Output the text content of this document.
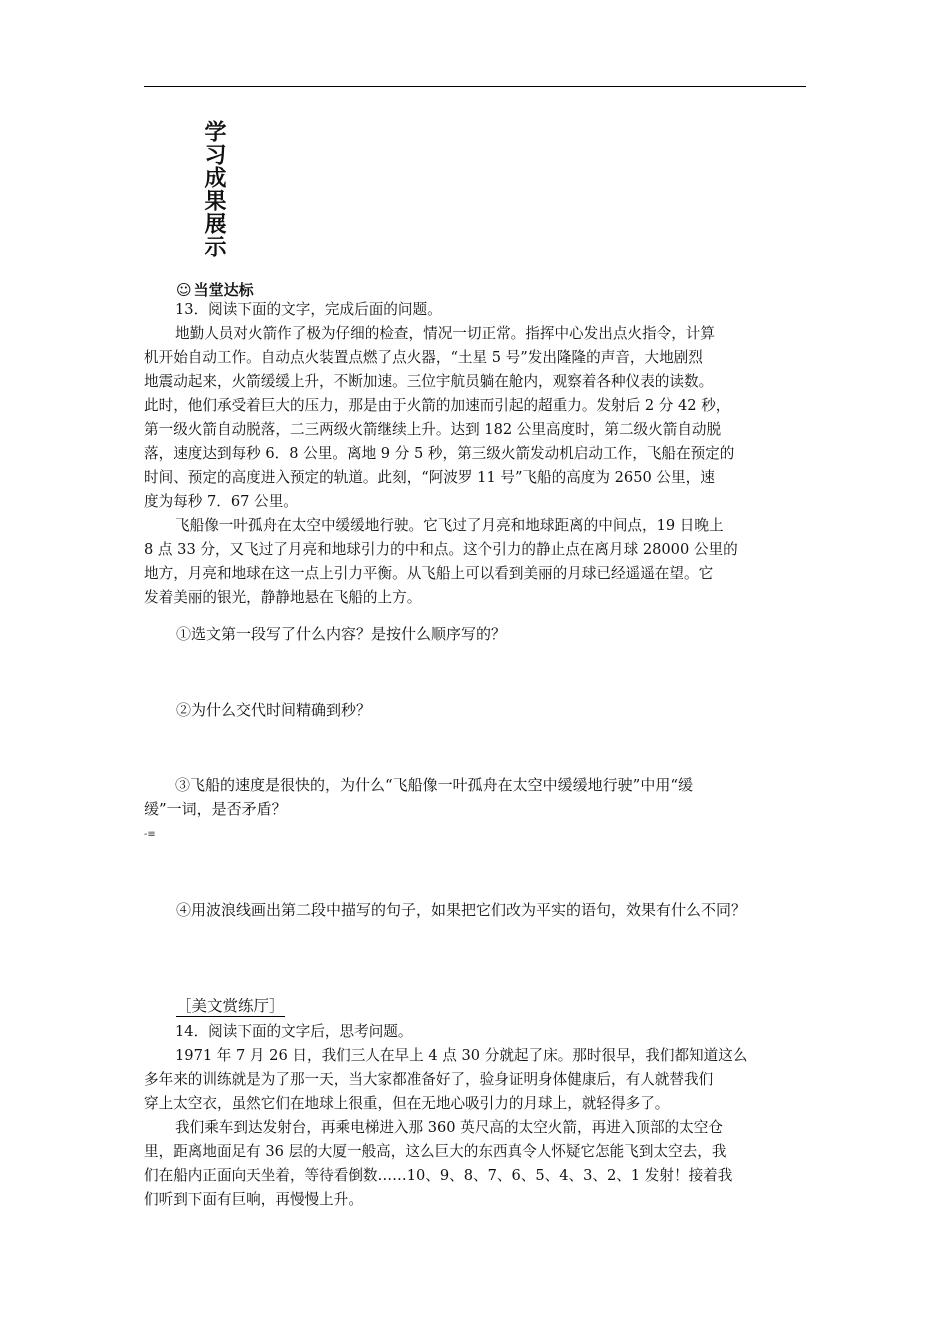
学习成果展示
☺ 当堂达标
13．阅读下面的文字，完成后面的问题。
地勤人员对火箭作了极为仔细的检查，情况一切正常。指挥中心发出点火指令，计算
机开始自动工作。自动点火装置点燃了点火器，“土星 5 号”发出隆隆的声音，大地剧烈
地震动起来，火箭缓缓上升，不断加速。三位宇航员躺在舱内，观察着各种仪表的读数。
此时，他们承受着巨大的压力，那是由于火箭的加速而引起的超重力。发射后 2 分 42 秒，
第一级火箭自动脱落，二三两级火箭继续上升。达到 182 公里高度时，第二级火箭自动脱
落，速度达到每秒 6．8 公里。离地 9 分 5 秒，第三级火箭发动机启动工作，飞船在预定的
时间、预定的高度进入预定的轨道。此刻，“阿波罗 11 号”飞船的高度为 2650 公里，速
度为每秒 7．67 公里。
飞船像一叶孤舟在太空中缓缓地行驶。它飞过了月亮和地球距离的中间点，19 日晚上
8 点 33 分，又飞过了月亮和地球引力的中和点。这个引力的静止点在离月球 28000 公里的
地方，月亮和地球在这一点上引力平衡。从飞船上可以看到美丽的月球已经遥遥在望。它
发着美丽的银光，静静地悬在飞船的上方。
①选文第一段写了什么内容？是按什么顺序写的？
②为什么交代时间精确到秒？
③飞船的速度是很快的，为什么“飞船像一叶孤舟在太空中缓缓地行驶”中用“缓
缓”一词，是否矛盾？
-≡
④用波浪线画出第二段中描写的句子，如果把它们改为平实的语句，效果有什么不同？
［美文赏练厅］
14．阅读下面的文字后，思考问题。
1971 年 7 月 26 日，我们三人在早上 4 点 30 分就起了床。那时很早，我们都知道这么
多年来的训练就是为了那一天，当大家都准备好了，验身证明身体健康后，有人就替我们
穿上太空衣，虽然它们在地球上很重，但在无地心吸引力的月球上，就轻得多了。
我们乘车到达发射台，再乘电梯进入那 360 英尺高的太空火箭，再进入顶部的太空仓
里，距离地面足有 36 层的大厦一般高，这么巨大的东西真令人怀疑它怎能飞到太空去，我
们在船内正面向天坐着，等待看倒数……10、9、8、7、6、5、4、3、2、1 发射！接着我
们听到下面有巨响，再慢慢上升。
